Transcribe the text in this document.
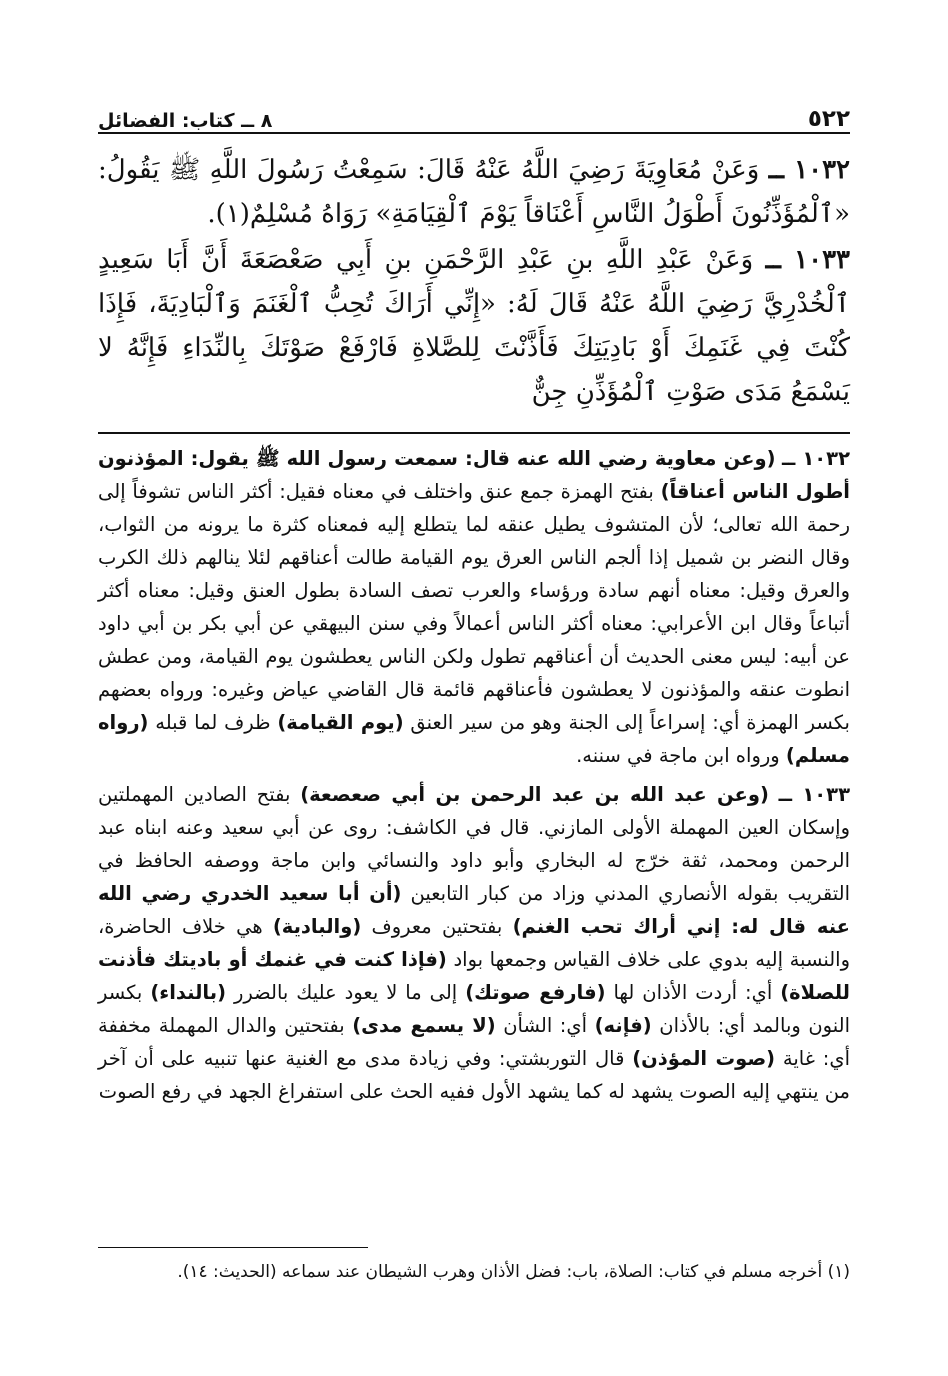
٥٢٢
٨ ــ كتاب: الفضائل

١٠٣٢ ــ وَعَنْ مُعَاوِيَةَ رَضِيَ اللَّهُ عَنْهُ قَالَ: سَمِعْتُ رَسُولَ اللَّهِ ﷺ يَقُولُ: «ٱلْمُؤَذِّنُونَ أَطْوَلُ النَّاسِ أَعْنَاقاً يَوْمَ ٱلْقِيَامَةِ» رَوَاهُ مُسْلِمٌ(١).

١٠٣٣ ــ وَعَنْ عَبْدِ اللَّهِ بنِ عَبْدِ الرَّحْمَنِ بنِ أَبِي صَعْصَعَةَ أَنَّ أَبَا سَعِيدٍ ٱلْخُدْرِيَّ رَضِيَ اللَّهُ عَنْهُ قَالَ لَهُ: «إِنِّي أَرَاكَ تُحِبُّ ٱلْغَنَمَ وَٱلْبَادِيَةَ، فَإِذَا كُنْتَ فِي غَنَمِكَ أَوْ بَادِيَتِكَ فَأَذَّنْتَ لِلصَّلاةِ فَارْفَعْ صَوْتَكَ بِالنِّدَاءِ فَإِنَّهُ لا يَسْمَعُ مَدَى صَوْتِ ٱلْمُؤَذِّنِ جِنٌّ

١٠٣٢ ــ (وعن معاوية رضي الله عنه قال: سمعت رسول الله ﷺ يقول: المؤذنون أطول الناس أعناقاً) بفتح الهمزة جمع عنق واختلف في معناه فقيل: أكثر الناس تشوفاً إلى رحمة الله تعالى؛ لأن المتشوف يطيل عنقه لما يتطلع إليه فمعناه كثرة ما يرونه من الثواب، وقال النضر بن شميل إذا ألجم الناس العرق يوم القيامة طالت أعناقهم لئلا ينالهم ذلك الكرب والعرق وقيل: معناه أنهم سادة ورؤساء والعرب تصف السادة بطول العنق وقيل: معناه أكثر أتباعاً وقال ابن الأعرابي: معناه أكثر الناس أعمالاً وفي سنن البيهقي عن أبي بكر بن أبي داود عن أبيه: ليس معنى الحديث أن أعناقهم تطول ولكن الناس يعطشون يوم القيامة، ومن عطش انطوت عنقه والمؤذنون لا يعطشون فأعناقهم قائمة قال القاضي عياض وغيره: ورواه بعضهم بكسر الهمزة أي: إسراعاً إلى الجنة وهو من سير العنق (يوم القيامة) ظرف لما قبله (رواه مسلم) ورواه ابن ماجة في سننه.

١٠٣٣ ــ (وعن عبد الله بن عبد الرحمن بن أبي صعصعة) بفتح الصادين المهملتين وإسكان العين المهملة الأولى المازني. قال في الكاشف: روى عن أبي سعيد وعنه ابناه عبد الرحمن ومحمد، ثقة خرّج له البخاري وأبو داود والنسائي وابن ماجة ووصفه الحافظ في التقريب بقوله الأنصاري المدني وزاد من كبار التابعين (أن أبا سعيد الخدري رضي الله عنه قال له: إني أراك تحب الغنم) بفتحتين معروف (والبادية) هي خلاف الحاضرة، والنسبة إليه بدوي على خلاف القياس وجمعها بواد (فإذا كنت في غنمك أو باديتك فأذنت للصلاة) أي: أردت الأذان لها (فارفع صوتك) إلى ما لا يعود عليك بالضرر (بالنداء) بكسر النون وبالمد أي: بالأذان (فإنه) أي: الشأن (لا يسمع مدى) بفتحتين والدال المهملة مخففة أي: غاية (صوت المؤذن) قال التوربشتي: وفي زيادة مدى مع الغنية عنها تنبيه على أن آخر من ينتهي إليه الصوت يشهد له كما يشهد الأول ففيه الحث على استفراغ الجهد في رفع الصوت

(١) أخرجه مسلم في كتاب: الصلاة، باب: فضل الأذان وهرب الشيطان عند سماعه (الحديث: ١٤).
